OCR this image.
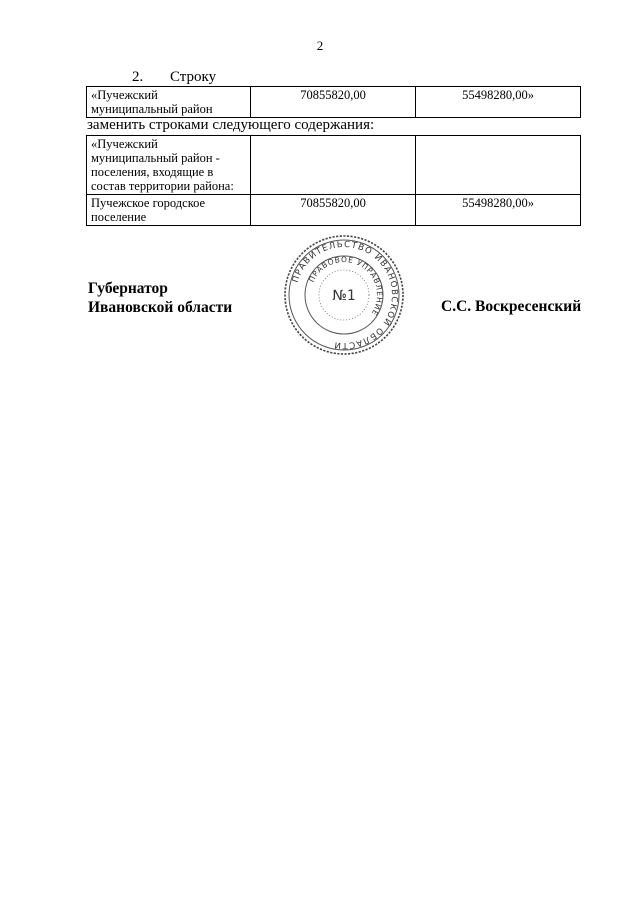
2
2. Строку
«Пучежский муниципальный район	70855820,00	55498280,00»
заменить строками следующего содержания:
«Пучежский муниципальный район - поселения, входящие в состав территории района:		
Пучежское городское поселение	70855820,00	55498280,00»
Губернатор
Ивановской области
ПРАВИТЕЛЬСТВО ИВАНОВСКОЙ ОБЛАСТИ
ПРАВОВОЕ УПРАВЛЕНИЕ
№1
С.С. Воскресенский
